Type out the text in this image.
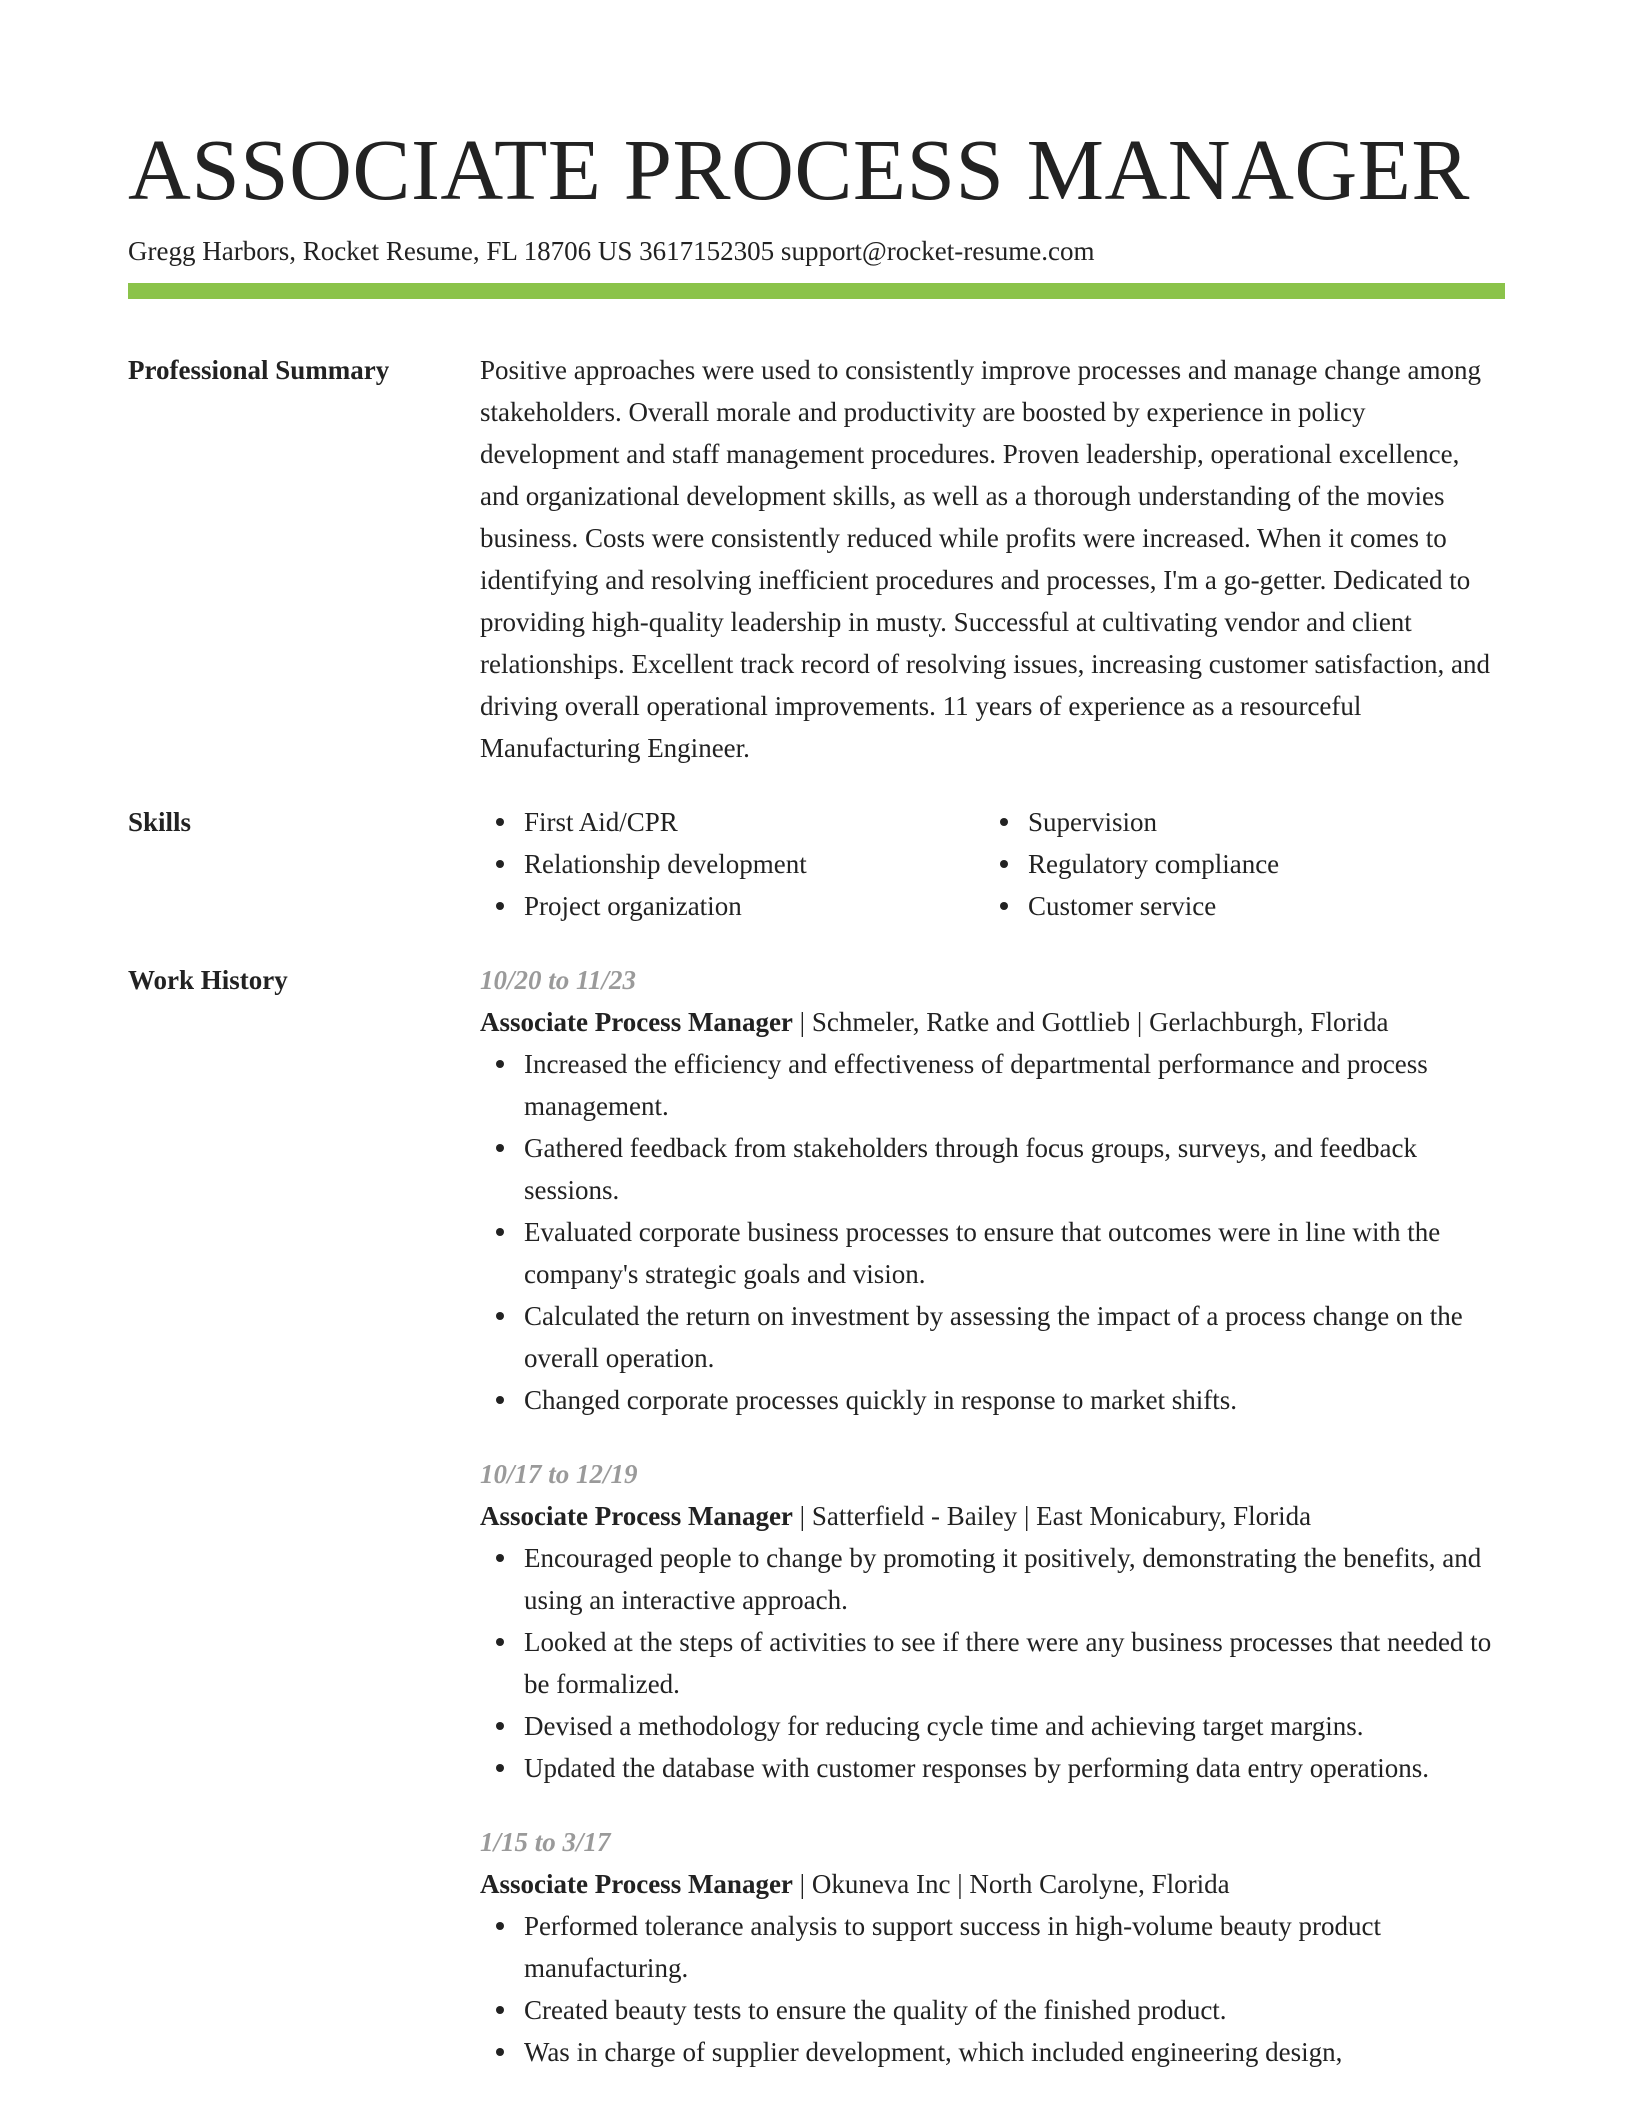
ASSOCIATE PROCESS MANAGER
Gregg Harbors, Rocket Resume, FL 18706 US 3617152305 support@rocket-resume.com
Professional Summary	Positive approaches were used to consistently improve processes and manage change among stakeholders. Overall morale and productivity are boosted by experience in policy development and staff management procedures. Proven leadership, operational excellence, and organizational development skills, as well as a thorough understanding of the movies business. Costs were consistently reduced while profits were increased. When it comes to identifying and resolving inefficient procedures and processes, I'm a go-getter. Dedicated to providing high-quality leadership in musty. Successful at cultivating vendor and client relationships. Excellent track record of resolving issues, increasing customer satisfaction, and driving overall operational improvements. 11 years of experience as a resourceful Manufacturing Engineer.

Skills	First Aid/CPR
Relationship development
Project organization
Supervision
Regulatory compliance
Customer service
Work History	10/20 to 11/23
Associate Process Manager | Schmeler, Ratke and Gottlieb | Gerlachburgh, Florida
Increased the efficiency and effectiveness of departmental performance and process management.
Gathered feedback from stakeholders through focus groups, surveys, and feedback sessions.
Evaluated corporate business processes to ensure that outcomes were in line with the company's strategic goals and vision.
Calculated the return on investment by assessing the impact of a process change on the overall operation.
Changed corporate processes quickly in response to market shifts.
10/17 to 12/19
Associate Process Manager | Satterfield - Bailey | East Monicabury, Florida
Encouraged people to change by promoting it positively, demonstrating the benefits, and using an interactive approach.
Looked at the steps of activities to see if there were any business processes that needed to be formalized.
Devised a methodology for reducing cycle time and achieving target margins.
Updated the database with customer responses by performing data entry operations.
1/15 to 3/17
Associate Process Manager | Okuneva Inc | North Carolyne, Florida
Performed tolerance analysis to support success in high-volume beauty product manufacturing.
Created beauty tests to ensure the quality of the finished product.
Was in charge of supplier development, which included engineering design,
